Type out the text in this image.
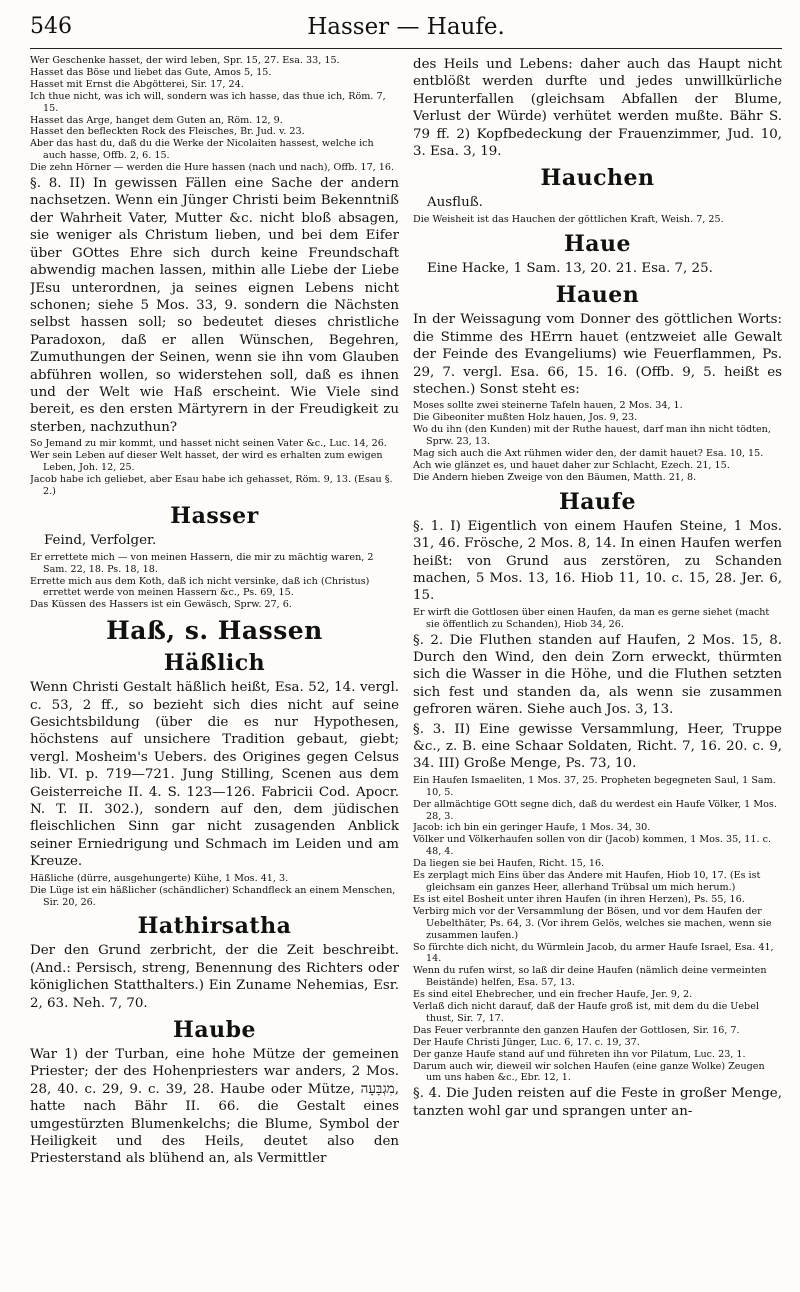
546	Hasser — Haufe.

Wer Geschenke hasset, der wird leben, Spr. 15, 27. Esa. 33, 15.

Hasset das Böse und liebet das Gute, Amos 5, 15.

Hasset mit Ernst die Abgötterei, Sir. 17, 24.

Ich thue nicht, was ich will, sondern was ich hasse, das thue ich, Röm. 7, 15.

Hasset das Arge, hanget dem Guten an, Röm. 12, 9.

Hasset den befleckten Rock des Fleisches, Br. Jud. v. 23.

Aber das hast du, daß du die Werke der Nicolaiten hassest, welche ich auch hasse, Offb. 2, 6. 15.

Die zehn Hörner — werden die Hure hassen (nach und nach), Offb. 17, 16.

§. 8. II) In gewissen Fällen eine Sache der andern nachsetzen. Wenn ein Jünger Christi beim Bekenntniß der Wahrheit Vater, Mutter &c. nicht bloß absagen, sie weniger als Christum lieben, und bei dem Eifer über GOttes Ehre sich durch keine Freundschaft abwendig machen lassen, mithin alle Liebe der Liebe JEsu unterordnen, ja seines eignen Lebens nicht schonen; siehe 5 Mos. 33, 9. sondern die Nächsten selbst hassen soll; so bedeutet dieses christliche Paradoxon, daß er allen Wünschen, Begehren, Zumuthungen der Seinen, wenn sie ihn vom Glauben abführen wollen, so widerstehen soll, daß es ihnen und der Welt wie Haß erscheint. Wie Viele sind bereit, es den ersten Märtyrern in der Freudigkeit zu sterben, nachzuthun?

So Jemand zu mir kommt, und hasset nicht seinen Vater &c., Luc. 14, 26.

Wer sein Leben auf dieser Welt hasset, der wird es erhalten zum ewigen Leben, Joh. 12, 25.

Jacob habe ich geliebet, aber Esau habe ich gehasset, Röm. 9, 13. (Esau §. 2.)

Hasser

Feind, Verfolger.

Er errettete mich — von meinen Hassern, die mir zu mächtig waren, 2 Sam. 22, 18. Ps. 18, 18.

Errette mich aus dem Koth, daß ich nicht versinke, daß ich (Christus) errettet werde von meinen Hassern &c., Ps. 69, 15.

Das Küssen des Hassers ist ein Gewäsch, Sprw. 27, 6.

Haß, s. Hassen
Häßlich

Wenn Christi Gestalt häßlich heißt, Esa. 52, 14. vergl. c. 53, 2 ff., so bezieht sich dies nicht auf seine Gesichtsbildung (über die es nur Hypothesen, höchstens auf unsichere Tradition gebaut, giebt; vergl. Mosheim's Uebers. des Origines gegen Celsus lib. VI. p. 719—721. Jung Stilling, Scenen aus dem Geisterreiche II. 4. S. 123—126. Fabricii Cod. Apocr. N. T. II. 302.), sondern auf den, dem jüdischen fleischlichen Sinn gar nicht zusagenden Anblick seiner Erniedrigung und Schmach im Leiden und am Kreuze.

Häßliche (dürre, ausgehungerte) Kühe, 1 Mos. 41, 3.

Die Lüge ist ein häßlicher (schändlicher) Schandfleck an einem Menschen, Sir. 20, 26.

Hathirsatha

Der den Grund zerbricht, der die Zeit beschreibt. (And.: Persisch, streng, Benennung des Richters oder königlichen Statthalters.) Ein Zuname Nehemias, Esr. 2, 63. Neh. 7, 70.

Haube

War 1) der Turban, eine hohe Mütze der gemeinen Priester; der des Hohenpriesters war anders, 2 Mos. 28, 40. c. 29, 9. c. 39, 28. Haube oder Mütze, מִגְבָּעָה, hatte nach Bähr II. 66. die Gestalt eines umgestürzten Blumenkelchs; die Blume, Symbol der Heiligkeit und des Heils, deutet also den Priesterstand als blühend an, als Vermittler

des Heils und Lebens: daher auch das Haupt nicht entblößt werden durfte und jedes unwillkürliche Herunterfallen (gleichsam Abfallen der Blume, Verlust der Würde) verhütet werden mußte. Bähr S. 79 ff. 2) Kopfbedeckung der Frauenzimmer, Jud. 10, 3. Esa. 3, 19.

Hauchen

Ausfluß.

Die Weisheit ist das Hauchen der göttlichen Kraft, Weish. 7, 25.

Haue

Eine Hacke, 1 Sam. 13, 20. 21. Esa. 7, 25.

Hauen

In der Weissagung vom Donner des göttlichen Worts: die Stimme des HErrn hauet (entzweiet alle Gewalt der Feinde des Evangeliums) wie Feuerflammen, Ps. 29, 7. vergl. Esa. 66, 15. 16. (Offb. 9, 5. heißt es stechen.) Sonst steht es:

Moses sollte zwei steinerne Tafeln hauen, 2 Mos. 34, 1.

Die Gibeoniter mußten Holz hauen, Jos. 9, 23.

Wo du ihn (den Kunden) mit der Ruthe hauest, darf man ihn nicht tödten, Sprw. 23, 13.

Mag sich auch die Axt rühmen wider den, der damit hauet? Esa. 10, 15.

Ach wie glänzet es, und hauet daher zur Schlacht, Ezech. 21, 15.

Die Andern hieben Zweige von den Bäumen, Matth. 21, 8.

Haufe

§. 1. I) Eigentlich von einem Haufen Steine, 1 Mos. 31, 46. Frösche, 2 Mos. 8, 14. In einen Haufen werfen heißt: von Grund aus zerstören, zu Schanden machen, 5 Mos. 13, 16. Hiob 11, 10. c. 15, 28. Jer. 6, 15.

Er wirft die Gottlosen über einen Haufen, da man es gerne siehet (macht sie öffentlich zu Schanden), Hiob 34, 26.

§. 2. Die Fluthen standen auf Haufen, 2 Mos. 15, 8. Durch den Wind, den dein Zorn erweckt, thürmten sich die Wasser in die Höhe, und die Fluthen setzten sich fest und standen da, als wenn sie zusammen gefroren wären. Siehe auch Jos. 3, 13.

§. 3. II) Eine gewisse Versammlung, Heer, Truppe &c., z. B. eine Schaar Soldaten, Richt. 7, 16. 20. c. 9, 34. III) Große Menge, Ps. 73, 10.

Ein Haufen Ismaeliten, 1 Mos. 37, 25. Propheten begegneten Saul, 1 Sam. 10, 5.

Der allmächtige GOtt segne dich, daß du werdest ein Haufe Völker, 1 Mos. 28, 3.

Jacob: ich bin ein geringer Haufe, 1 Mos. 34, 30.

Völker und Völkerhaufen sollen von dir (Jacob) kommen, 1 Mos. 35, 11. c. 48, 4.

Da liegen sie bei Haufen, Richt. 15, 16.

Es zerplagt mich Eins über das Andere mit Haufen, Hiob 10, 17. (Es ist gleichsam ein ganzes Heer, allerhand Trübsal um mich herum.)

Es ist eitel Bosheit unter ihren Haufen (in ihren Herzen), Ps. 55, 16.

Verbirg mich vor der Versammlung der Bösen, und vor dem Haufen der Uebelthäter, Ps. 64, 3. (Vor ihrem Gelös, welches sie machen, wenn sie zusammen laufen.)

So fürchte dich nicht, du Würmlein Jacob, du armer Haufe Israel, Esa. 41, 14.

Wenn du rufen wirst, so laß dir deine Haufen (nämlich deine vermeinten Beistände) helfen, Esa. 57, 13.

Es sind eitel Ehebrecher, und ein frecher Haufe, Jer. 9, 2.

Verlaß dich nicht darauf, daß der Haufe groß ist, mit dem du die Uebel thust, Sir. 7, 17.

Das Feuer verbrannte den ganzen Haufen der Gottlosen, Sir. 16, 7.

Der Haufe Christi Jünger, Luc. 6, 17. c. 19, 37.

Der ganze Haufe stand auf und führeten ihn vor Pilatum, Luc. 23, 1.

Darum auch wir, dieweil wir solchen Haufen (eine ganze Wolke) Zeugen um uns haben &c., Ebr. 12, 1.

§. 4. Die Juden reisten auf die Feste in großer Menge, tanzten wohl gar und sprangen unter an-
